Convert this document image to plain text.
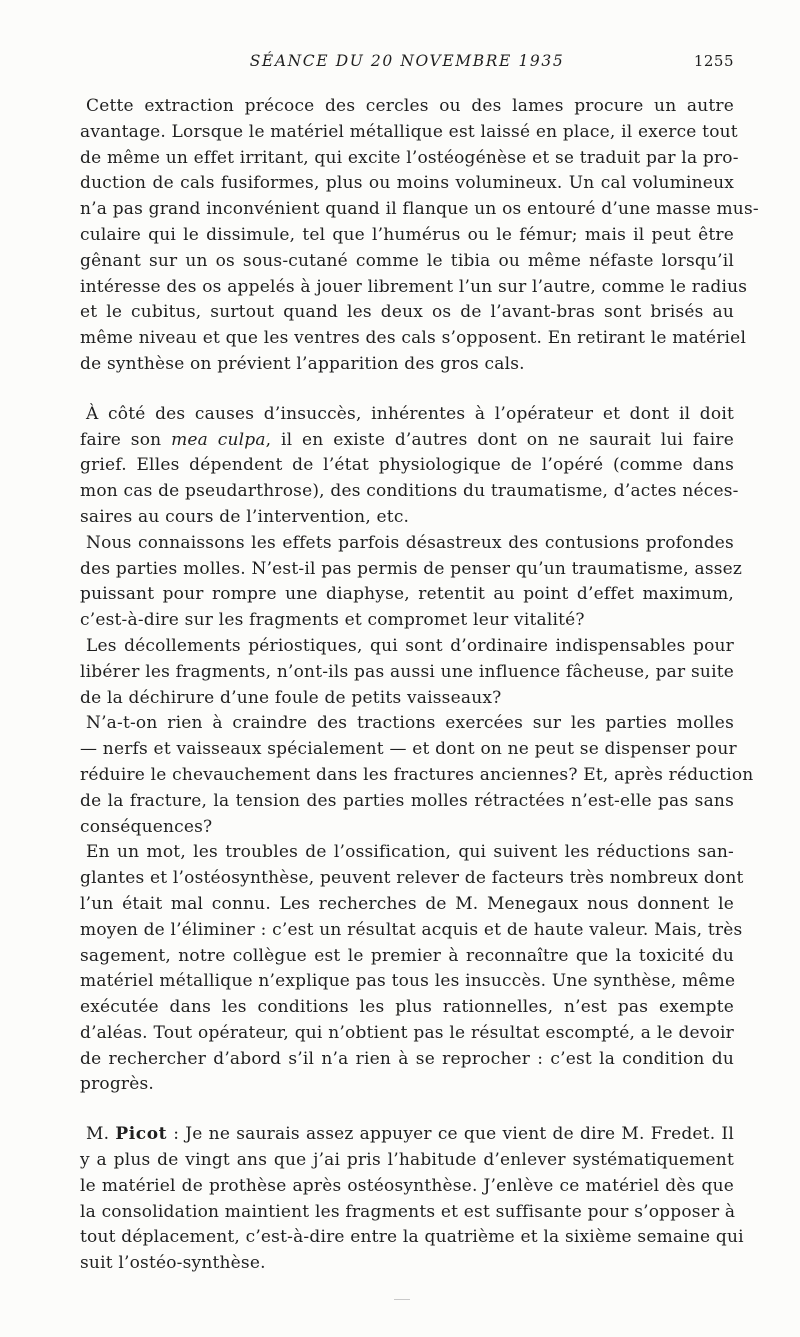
SÉANCE DU 20 NOVEMBRE 1935	1255

Cette extraction précoce des cercles ou des lames procure un autre
avantage. Lorsque le matériel métallique est laissé en place, il exerce tout
de même un effet irritant, qui excite l’ostéogénèse et se traduit par la pro-
duction de cals fusiformes, plus ou moins volumineux. Un cal volumineux
n’a pas grand inconvénient quand il flanque un os entouré d’une masse mus-
culaire qui le dissimule, tel que l’humérus ou le fémur; mais il peut être
gênant sur un os sous-cutané comme le tibia ou même néfaste lorsqu’il
intéresse des os appelés à jouer librement l’un sur l’autre, comme le radius
et le cubitus, surtout quand les deux os de l’avant-bras sont brisés au
même niveau et que les ventres des cals s’opposent. En retirant le matériel
de synthèse on prévient l’apparition des gros cals.

À côté des causes d’insuccès, inhérentes à l’opérateur et dont il doit
faire son mea culpa, il en existe d’autres dont on ne saurait lui faire
grief. Elles dépendent de l’état physiologique de l’opéré (comme dans
mon cas de pseudarthrose), des conditions du traumatisme, d’actes néces-
saires au cours de l’intervention, etc.

Nous connaissons les effets parfois désastreux des contusions profondes
des parties molles. N’est-il pas permis de penser qu’un traumatisme, assez
puissant pour rompre une diaphyse, retentit au point d’effet maximum,
c’est-à-dire sur les fragments et compromet leur vitalité?

Les décollements périostiques, qui sont d’ordinaire indispensables pour
libérer les fragments, n’ont-ils pas aussi une influence fâcheuse, par suite
de la déchirure d’une foule de petits vaisseaux?

N’a-t-on rien à craindre des tractions exercées sur les parties molles
— nerfs et vaisseaux spécialement — et dont on ne peut se dispenser pour
réduire le chevauchement dans les fractures anciennes? Et, après réduction
de la fracture, la tension des parties molles rétractées n’est-elle pas sans
conséquences?

En un mot, les troubles de l’ossification, qui suivent les réductions san-
glantes et l’ostéosynthèse, peuvent relever de facteurs très nombreux dont
l’un était mal connu. Les recherches de M. Menegaux nous donnent le
moyen de l’éliminer : c’est un résultat acquis et de haute valeur. Mais, très
sagement, notre collègue est le premier à reconnaître que la toxicité du
matériel métallique n’explique pas tous les insuccès. Une synthèse, même
exécutée dans les conditions les plus rationnelles, n’est pas exempte
d’aléas. Tout opérateur, qui n’obtient pas le résultat escompté, a le devoir
de rechercher d’abord s’il n’a rien à se reprocher : c’est la condition du
progrès.

M. Picot : Je ne saurais assez appuyer ce que vient de dire M. Fredet. Il
y a plus de vingt ans que j’ai pris l’habitude d’enlever systématiquement
le matériel de prothèse après ostéosynthèse. J’enlève ce matériel dès que
la consolidation maintient les fragments et est suffisante pour s’opposer à
tout déplacement, c’est-à-dire entre la quatrième et la sixième semaine qui
suit l’ostéo-synthèse.
